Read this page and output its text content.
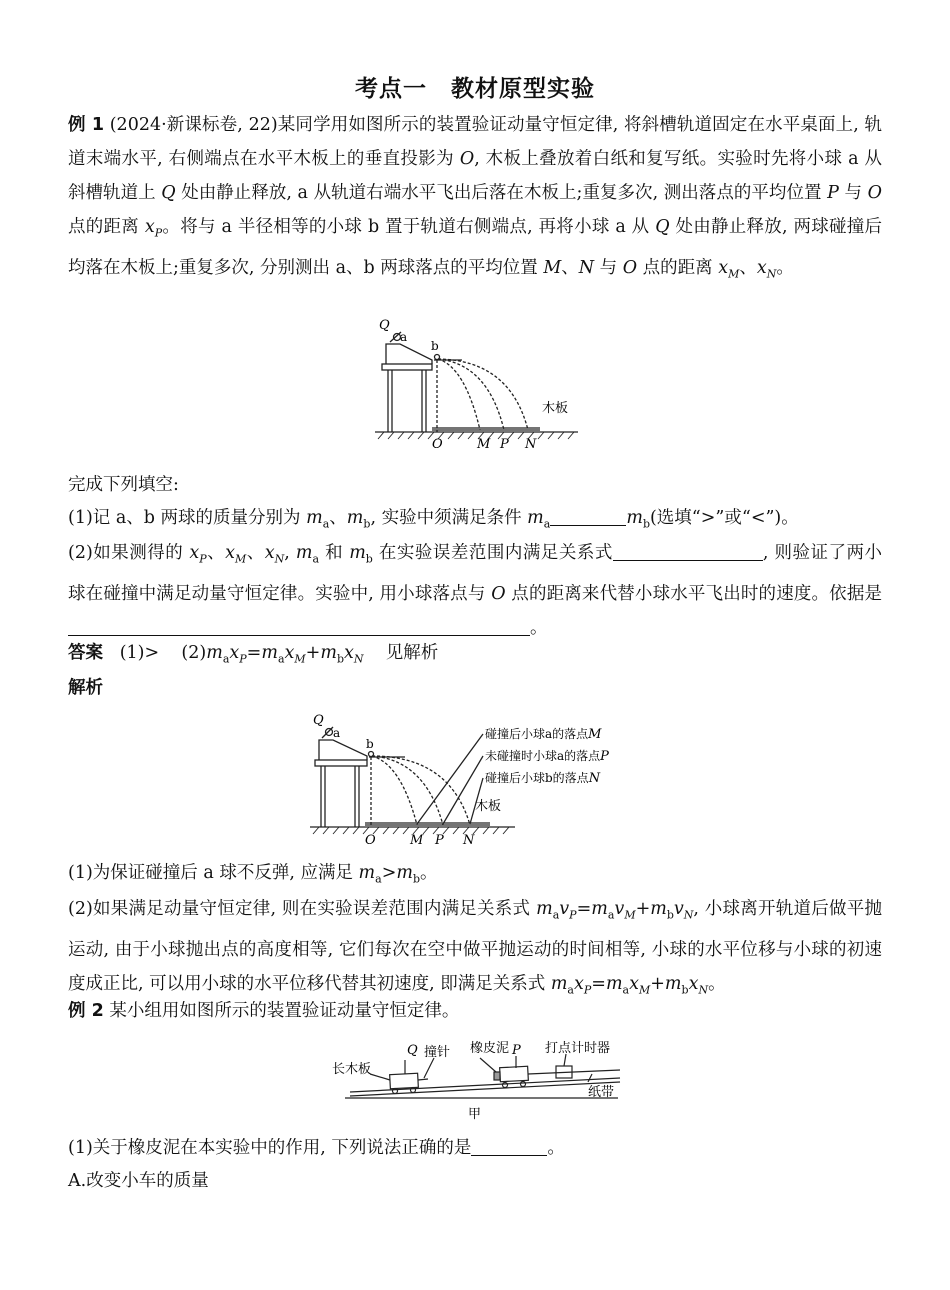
考点一　教材原型实验
例 1 (2024·新课标卷, 22)某同学用如图所示的装置验证动量守恒定律, 将斜槽轨道固定在水平桌面上, 轨道末端水平, 右侧端点在水平木板上的垂直投影为 O, 木板上叠放着白纸和复写纸。实验时先将小球 a 从斜槽轨道上 Q 处由静止释放, a 从轨道右端水平飞出后落在木板上;重复多次, 测出落点的平均位置 P 与 O 点的距离 $x_P$。将与 a 半径相等的小球 b 置于轨道右侧端点, 再将小球 a 从 Q 处由静止释放, 两球碰撞后均落在木板上;重复多次, 分别测出 a、b 两球落点的平均位置 M、N 与 O 点的距离 $x_M$、$x_N$。
Q
a
b
木板
O	M P N
完成下列填空:
(1)记 a、b 两球的质量分别为 $m_a$、$m_b$, 实验中须满足条件 $m_a$	$m_b$(选填“>”或“<”)。
(2)如果测得的 $x_P$、$x_M$、$x_N$, $m_a$ 和 $m_b$ 在实验误差范围内满足关系式	, 则验证了两小球在碰撞中满足动量守恒定律。实验中, 用小球落点与 O 点的距离来代替小球水平飞出时的速度。依据是。
答案 $(1)> (2)m_ax_P=m_ax_M+m_bx_N$ 见解析
解析
Q
a
b
木板
O	M P N
碰撞后小球a的落点M
未碰撞时小球a的落点P
碰撞后小球b的落点N
(1)为保证碰撞后 a 球不反弹, 应满足 $m_a>m_b$。
(2)如果满足动量守恒定律, 则在实验误差范围内满足关系式 $m_av_P=m_av_M+m_bv_N$, 小球离开轨道后做平抛运动, 由于小球抛出点的高度相等, 它们每次在空中做平抛运动的时间相等, 小球的水平位移与小球的初速度成正比, 可以用小球的水平位移代替其初速度, 即满足关系式 $m_ax_P=m_ax_M+m_bx_N$。
例 2 某小组用如图所示的装置验证动量守恒定律。
长木板
Q 撞针 橡皮泥 P 打点计时器
纸带
甲
(1)关于橡皮泥在本实验中的作用, 下列说法正确的是	。
A.改变小车的质量
